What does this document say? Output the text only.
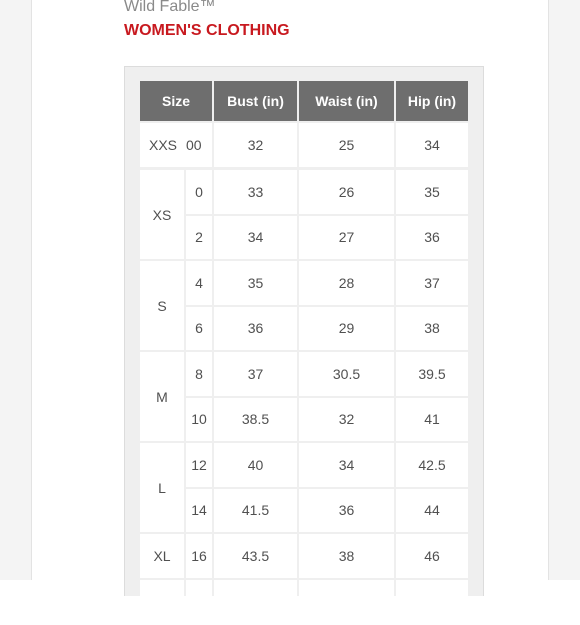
Wild Fable™
WOMEN'S CLOTHING
Size	Bust (in)	Waist (in)	Hip (in)

XXS 00	32	25	34
XS	0	33	26	35
	2	34	27	36
S	4	35	28	37
	6	36	29	38
M	8	37	30.5	39.5
	10	38.5	32	41
L	12	40	34	42.5
	14	41.5	36	44
XL	16	43.5	38	46
